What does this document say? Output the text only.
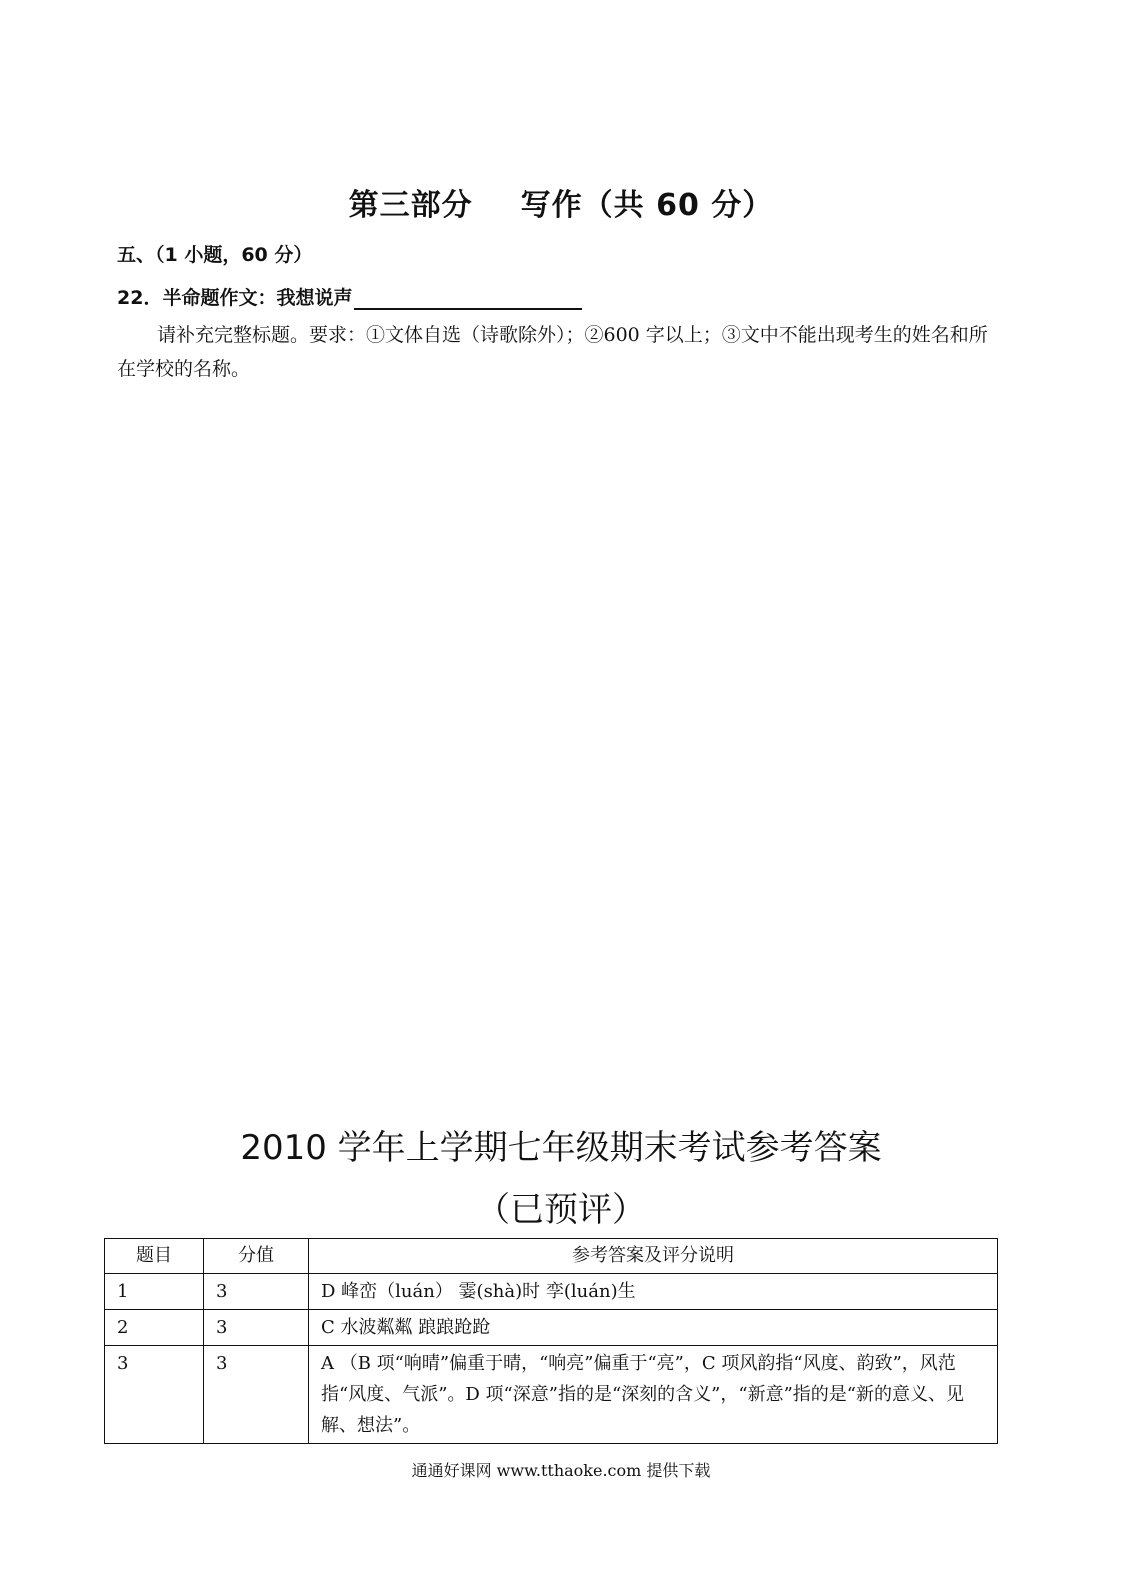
第三部分 写作（共 60 分）
五、（1 小题，60 分）
22．半命题作文：我想说声
请补充完整标题。要求：①文体自选（诗歌除外）；②600 字以上；③文中不能出现考生的姓名和所在学校的名称。
2010 学年上学期七年级期末考试参考答案
（已预评）
题目	分值	参考答案及评分说明
1	3	D 峰峦（luán） 霎(shà)时 孪(luán)生
2	3	C 水波粼粼 踉踉跄跄
3	3	A （B 项“响晴”偏重于晴，“响亮”偏重于“亮”，C 项风韵指“风度、韵致”，风范指“风度、气派”。D 项“深意”指的是“深刻的含义”，“新意”指的是“新的意义、见解、想法”。
通通好课网 www.tthaoke.com 提供下载
